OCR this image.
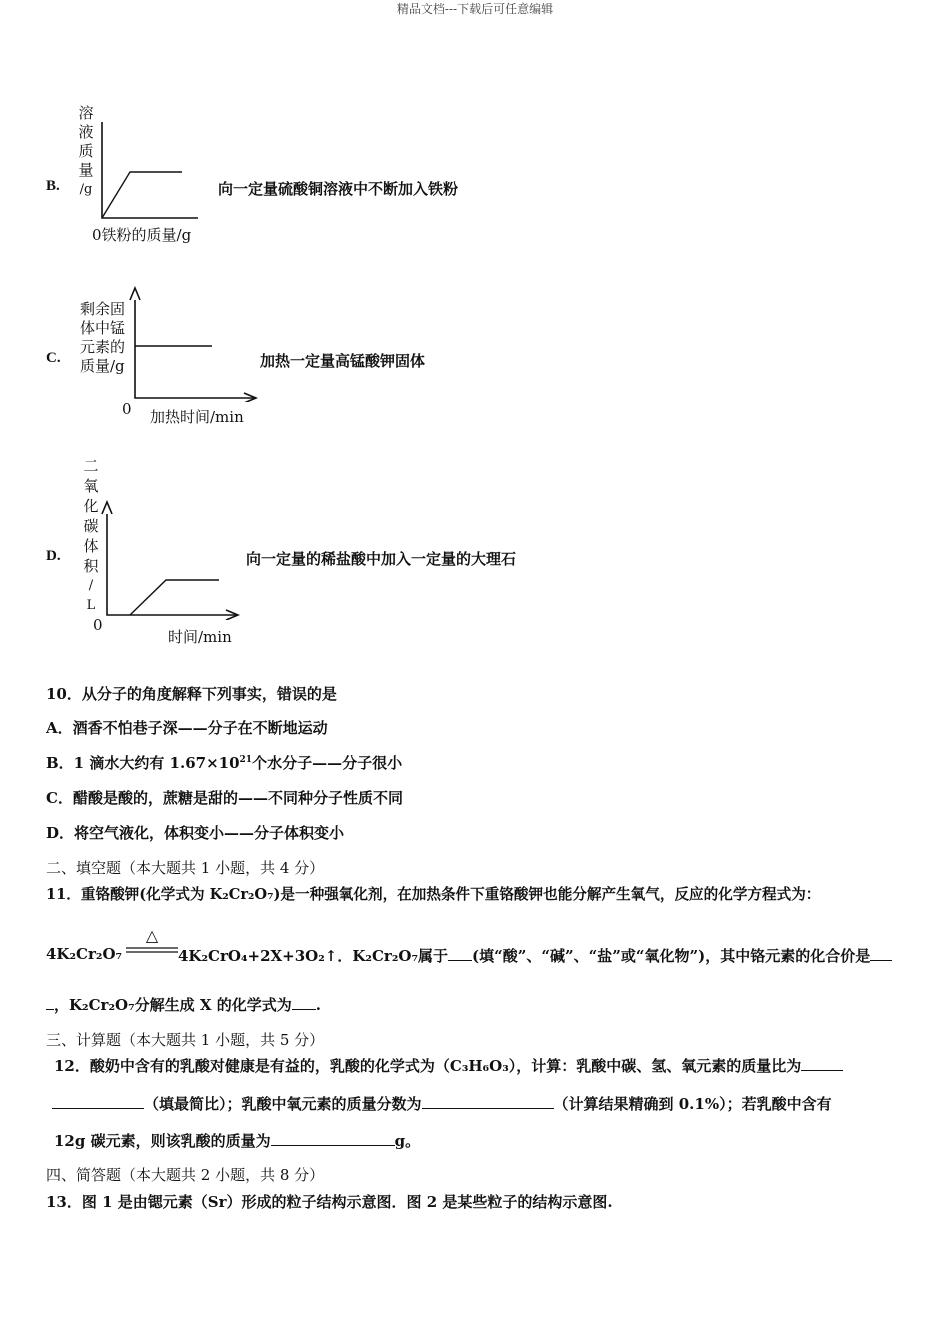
精品文档---下载后可任意编辑
B.
溶
液
质
量
/g
0铁粉的质量/g
向一定量硫酸铜溶液中不断加入铁粉
C.
剩余固
体中锰
元素的
质量/g
0 加热时间/min
加热一定量高锰酸钾固体
D.
二
氧
化
碳
体
积
/
L
0
时间/min
向一定量的稀盐酸中加入一定量的大理石
10．从分子的角度解释下列事实，错误的是
A．酒香不怕巷子深——分子在不断地运动
B．1 滴水大约有 $1.67\times 10^{21}$个水分子——分子很小
C．醋酸是酸的，蔗糖是甜的——不同种分子性质不同
D．将空气液化，体积变小——分子体积变小
二、填空题（本大题共 1 小题，共 4 分）
11．重铬酸钾(化学式为 K₂Cr₂O₇)是一种强氧化剂，在加热条件下重铬酸钾也能分解产生氧气，反应的化学方程式为：
4K₂Cr₂O₇
△
4K₂CrO₄+2X+3O₂↑．K₂Cr₂O₇属于 (填“酸”、“碱”、“盐”或“氧化物”)，其中铬元素的化合价是
，K₂Cr₂O₇分解生成 X 的化学式为 .
三、计算题（本大题共 1 小题，共 5 分）
12．酸奶中含有的乳酸对健康是有益的，乳酸的化学式为（C₃H₆O₃），计算：乳酸中碳、氢、氧元素的质量比为
（填最简比）；乳酸中氧元素的质量分数为	（计算结果精确到 0.1%）；若乳酸中含有
12g 碳元素，则该乳酸的质量为	g。
四、简答题（本大题共 2 小题，共 8 分）
13．图 1 是由锶元素（Sr）形成的粒子结构示意图．图 2 是某些粒子的结构示意图.
